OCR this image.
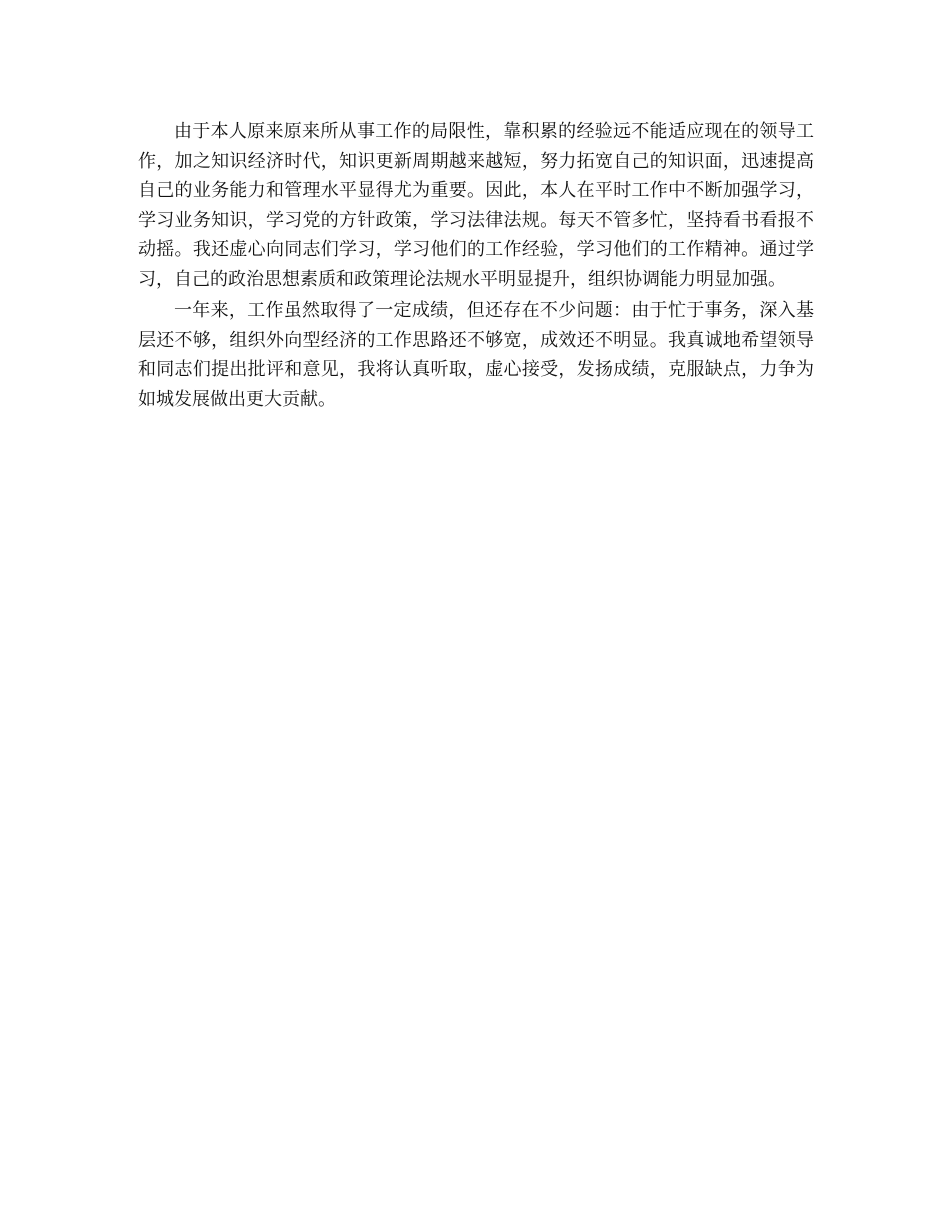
由于本人原来原来所从事工作的局限性，靠积累的经验远不能适应现在的领导工作，加之知识经济时代，知识更新周期越来越短，努力拓宽自己的知识面，迅速提高自己的业务能力和管理水平显得尤为重要。因此，本人在平时工作中不断加强学习，学习业务知识，学习党的方针政策，学习法律法规。每天不管多忙，坚持看书看报不动摇。我还虚心向同志们学习，学习他们的工作经验，学习他们的工作精神。通过学习，自己的政治思想素质和政策理论法规水平明显提升，组织协调能力明显加强。

一年来，工作虽然取得了一定成绩，但还存在不少问题：由于忙于事务，深入基层还不够，组织外向型经济的工作思路还不够宽，成效还不明显。我真诚地希望领导和同志们提出批评和意见，我将认真听取，虚心接受，发扬成绩，克服缺点，力争为如城发展做出更大贡献。
